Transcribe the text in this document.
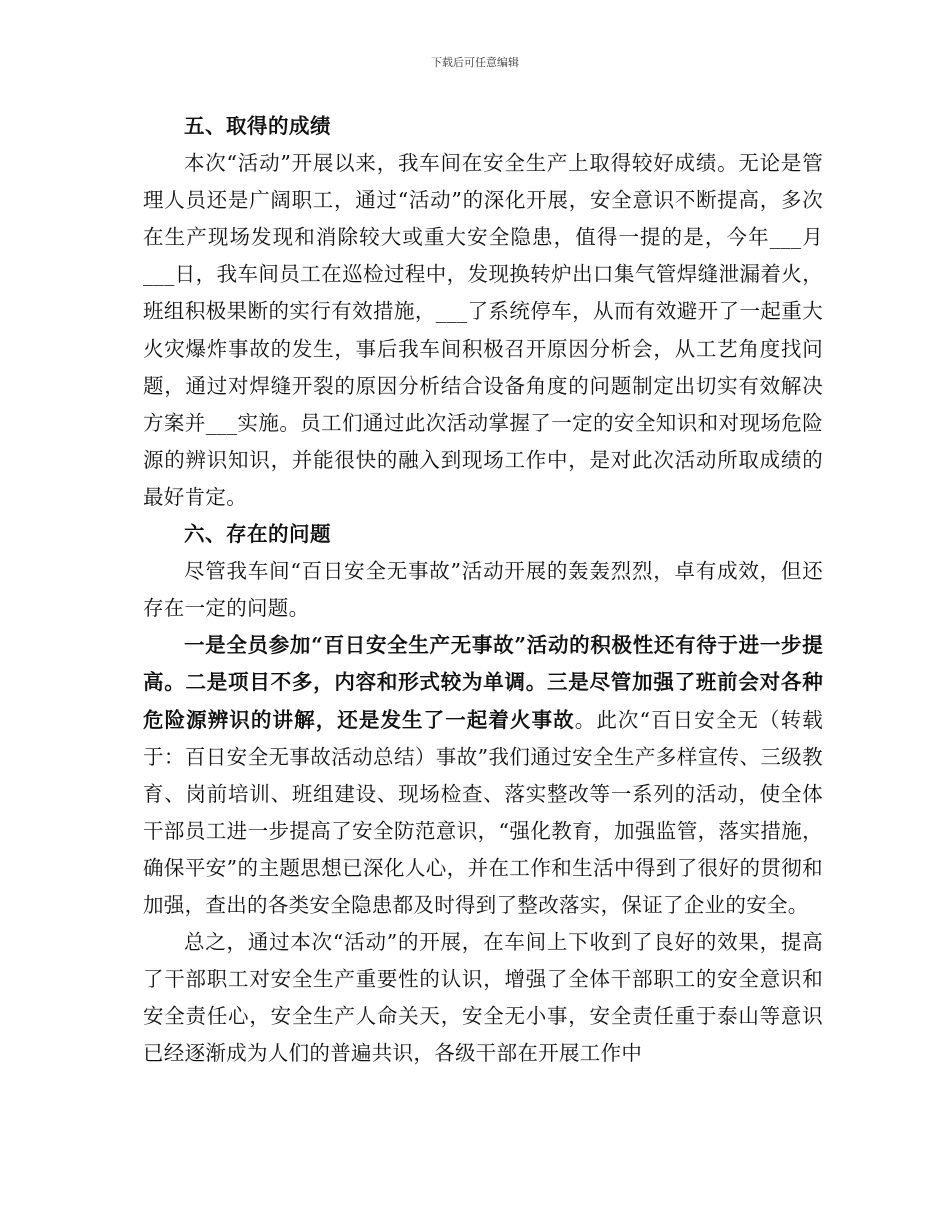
下载后可任意编辑

五、取得的成绩

本次“活动”开展以来，我车间在安全生产上取得较好成绩。无论是管理人员还是广阔职工，通过“活动”的深化开展，安全意识不断提高，多次在生产现场发现和消除较大或重大安全隐患，值得一提的是，今年___月___日，我车间员工在巡检过程中，发现换转炉出口集气管焊缝泄漏着火，班组积极果断的实行有效措施，___了系统停车，从而有效避开了一起重大火灾爆炸事故的发生，事后我车间积极召开原因分析会，从工艺角度找问题，通过对焊缝开裂的原因分析结合设备角度的问题制定出切实有效解决方案并___实施。员工们通过此次活动掌握了一定的安全知识和对现场危险源的辨识知识，并能很快的融入到现场工作中，是对此次活动所取成绩的最好肯定。

六、存在的问题

尽管我车间“百日安全无事故”活动开展的轰轰烈烈，卓有成效，但还存在一定的问题。

一是全员参加“百日安全生产无事故”活动的积极性还有待于进一步提高。二是项目不多，内容和形式较为单调。三是尽管加强了班前会对各种危险源辨识的讲解，还是发生了一起着火事故。此次“百日安全无（转载于：百日安全无事故活动总结）事故”我们通过安全生产多样宣传、三级教育、岗前培训、班组建设、现场检查、落实整改等一系列的活动，使全体干部员工进一步提高了安全防范意识，“强化教育，加强监管，落实措施，确保平安”的主题思想已深化人心，并在工作和生活中得到了很好的贯彻和加强，查出的各类安全隐患都及时得到了整改落实，保证了企业的安全。

总之，通过本次“活动”的开展，在车间上下收到了良好的效果，提高了干部职工对安全生产重要性的认识，增强了全体干部职工的安全意识和安全责任心，安全生产人命关天，安全无小事，安全责任重于泰山等意识已经逐渐成为人们的普遍共识，各级干部在开展工作中
